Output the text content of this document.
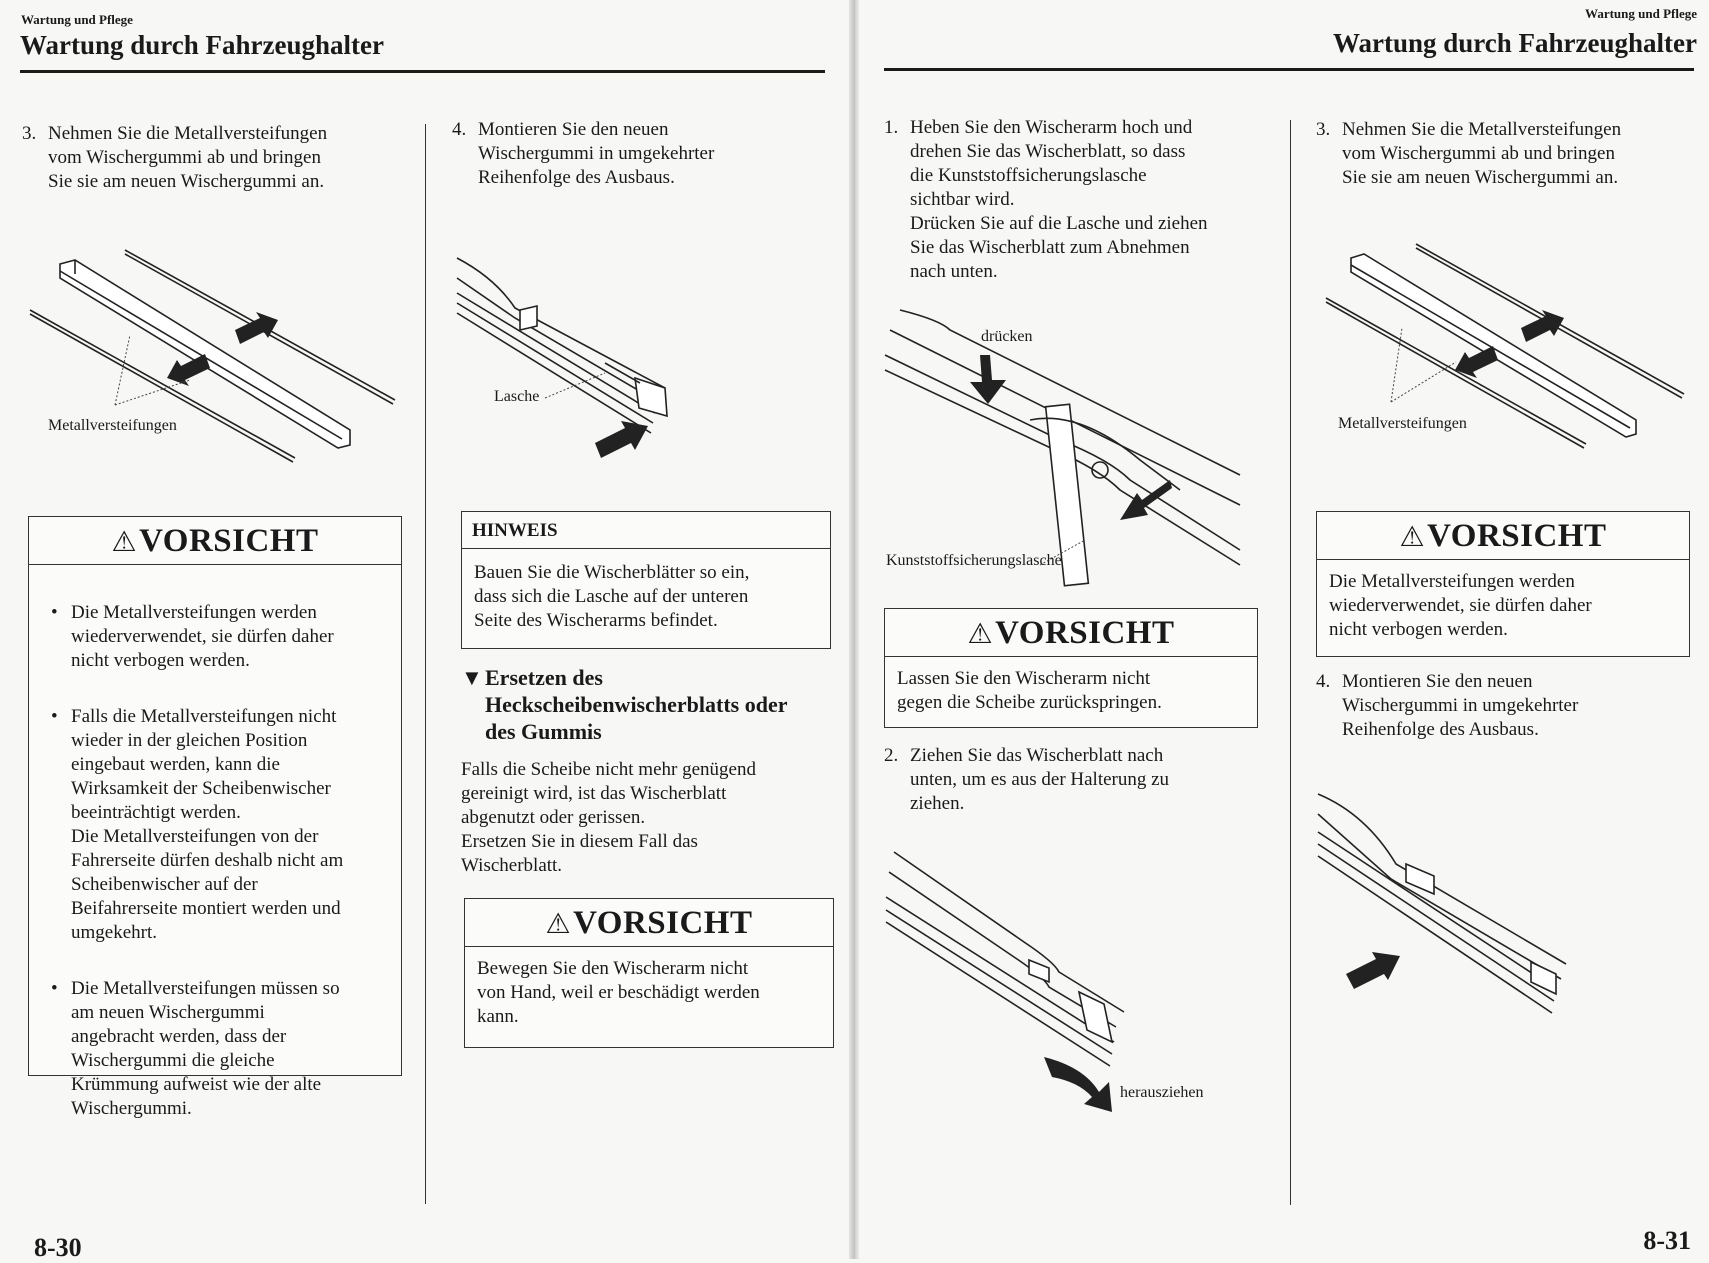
Wartung und Pflege
Wartung durch Fahrzeughalter
3. Nehmen Sie die Metallversteifungen
vom Wischergummi ab und bringen
Sie sie am neuen Wischergummi an.
Metallversteifungen
⚠VORSICHT

• Die Metallversteifungen werden
wiederverwendet, sie dürfen daher
nicht verbogen werden.

• Falls die Metallversteifungen nicht
wieder in der gleichen Position
eingebaut werden, kann die
Wirksamkeit der Scheibenwischer
beeinträchtigt werden.
Die Metallversteifungen von der
Fahrerseite dürfen deshalb nicht am
Scheibenwischer auf der
Beifahrerseite montiert werden und
umgekehrt.

• Die Metallversteifungen müssen so
am neuen Wischergummi
angebracht werden, dass der
Wischergummi die gleiche
Krümmung aufweist wie der alte
Wischergummi.

4. Montieren Sie den neuen
Wischergummi in umgekehrter
Reihenfolge des Ausbaus.
Lasche
HINWEIS
Bauen Sie die Wischerblätter so ein,
dass sich die Lasche auf der unteren
Seite des Wischerarms befindet.
▼ Ersetzen des
Heckscheibenwischerblatts oder
des Gummis
Falls die Scheibe nicht mehr genügend
gereinigt wird, ist das Wischerblatt
abgenutzt oder gerissen.
Ersetzen Sie in diesem Fall das
Wischerblatt.
⚠VORSICHT
Bewegen Sie den Wischerarm nicht
von Hand, weil er beschädigt werden
kann.
8-30
Wartung und Pflege
Wartung durch Fahrzeughalter
1. Heben Sie den Wischerarm hoch und
drehen Sie das Wischerblatt, so dass
die Kunststoffsicherungslasche
sichtbar wird.
Drücken Sie auf die Lasche und ziehen
Sie das Wischerblatt zum Abnehmen
nach unten.
drücken
Kunststoffsicherungslasche
⚠VORSICHT
Lassen Sie den Wischerarm nicht
gegen die Scheibe zurückspringen.
2. Ziehen Sie das Wischerblatt nach
unten, um es aus der Halterung zu
ziehen.
herausziehen
3. Nehmen Sie die Metallversteifungen
vom Wischergummi ab und bringen
Sie sie am neuen Wischergummi an.
Metallversteifungen
⚠VORSICHT
Die Metallversteifungen werden
wiederverwendet, sie dürfen daher
nicht verbogen werden.
4. Montieren Sie den neuen
Wischergummi in umgekehrter
Reihenfolge des Ausbaus.
8-31
